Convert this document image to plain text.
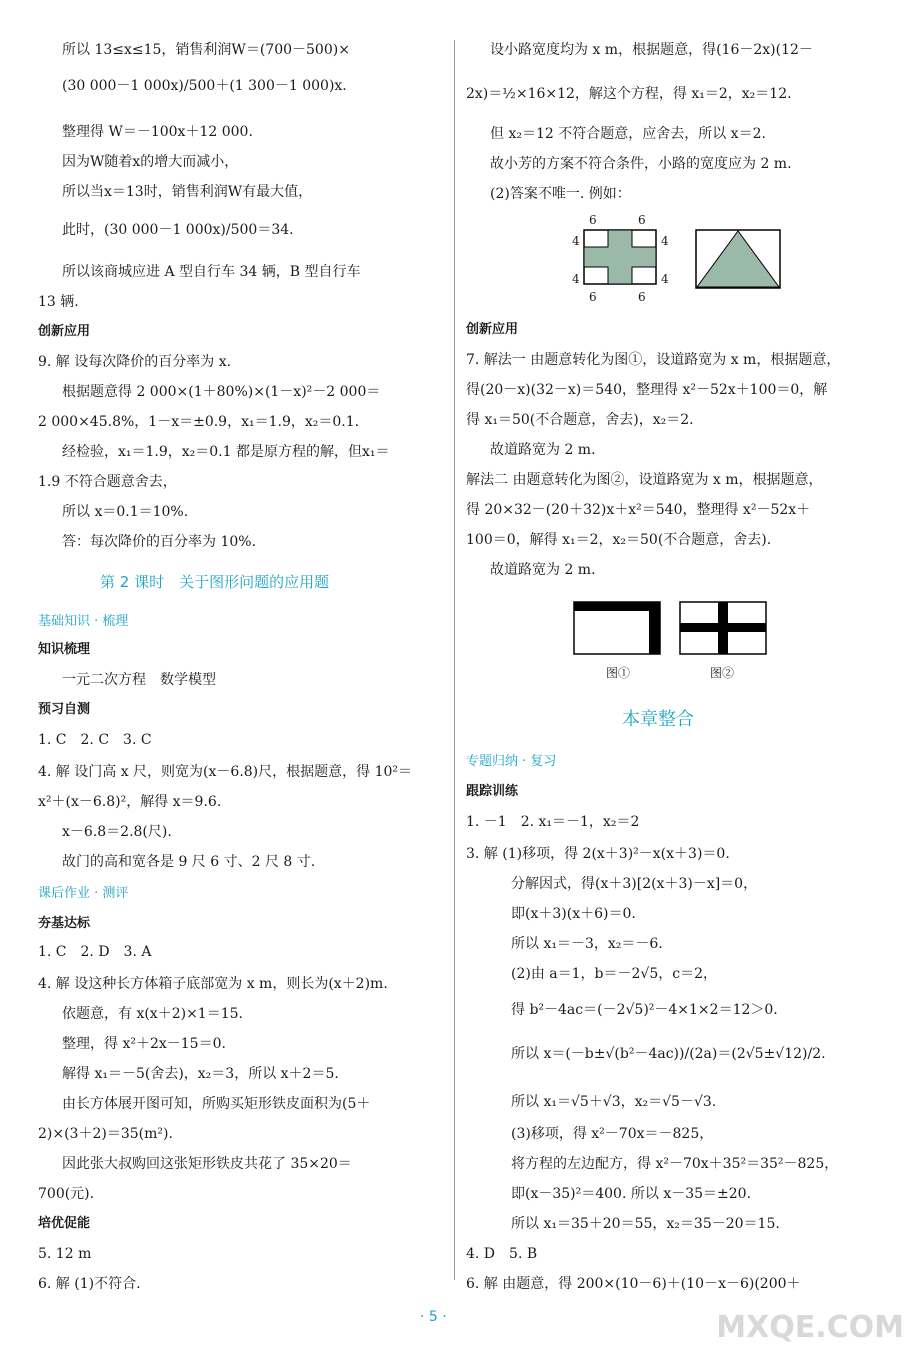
所以 13≤x≤15，销售利润W＝(700－500)×
(30 000－1 000x)/500＋(1 300－1 000)x.
整理得 W＝－100x＋12 000.
因为W随着x的增大而减小，
所以当x＝13时，销售利润W有最大值，
此时，(30 000－1 000x)/500＝34.
所以该商城应进 A 型自行车 34 辆，B 型自行车
13 辆.
创新应用
9. 解 设每次降价的百分率为 x.
根据题意得 2 000×(1＋80%)×(1－x)²－2 000＝
2 000×45.8%，1－x＝±0.9，x₁＝1.9，x₂＝0.1.
经检验，x₁＝1.9，x₂＝0.1 都是原方程的解，但x₁＝
1.9 不符合题意舍去，
所以 x＝0.1＝10%.
答：每次降价的百分率为 10%.
第 2 课时　关于图形问题的应用题
基础知识 · 梳理
知识梳理
一元二次方程　数学模型
预习自测
1. C　2. C　3. C
4. 解 设门高 x 尺，则宽为(x－6.8)尺，根据题意，得 10²＝
x²＋(x－6.8)²，解得 x＝9.6.
x－6.8＝2.8(尺).
故门的高和宽各是 9 尺 6 寸、2 尺 8 寸.
课后作业 · 测评
夯基达标
1. C　2. D　3. A
4. 解 设这种长方体箱子底部宽为 x m，则长为(x＋2)m.
依题意，有 x(x＋2)×1＝15.
整理，得 x²＋2x－15＝0.
解得 x₁＝－5(舍去)，x₂＝3，所以 x＋2＝5.
由长方体展开图可知，所购买矩形铁皮面积为(5＋
2)×(3＋2)＝35(m²).
因此张大叔购回这张矩形铁皮共花了 35×20＝
700(元).
培优促能
5. 12 m
6. 解 (1)不符合.
设小路宽度均为 x m，根据题意，得(16－2x)(12－
2x)＝½×16×12，解这个方程，得 x₁＝2，x₂＝12.
但 x₂＝12 不符合题意，应舍去，所以 x＝2.
故小芳的方案不符合条件，小路的宽度应为 2 m.
(2)答案不唯一. 例如：
6	6
4	4
4	4
6	6
创新应用
7. 解法一 由题意转化为图①，设道路宽为 x m，根据题意，
得(20－x)(32－x)＝540，整理得 x²－52x＋100＝0，解
得 x₁＝50(不合题意，舍去)，x₂＝2.
故道路宽为 2 m.
解法二 由题意转化为图②，设道路宽为 x m，根据题意，
得 20×32－(20＋32)x＋x²＝540，整理得 x²－52x＋
100＝0，解得 x₁＝2，x₂＝50(不合题意，舍去).
故道路宽为 2 m.
图①	图②
本章整合
专题归纳 · 复习
跟踪训练
1. －1　2. x₁＝－1，x₂＝2
3. 解 (1)移项，得 2(x＋3)²－x(x＋3)＝0.
分解因式，得(x＋3)[2(x＋3)－x]＝0，
即(x＋3)(x＋6)＝0.
所以 x₁＝－3，x₂＝－6.
(2)由 a＝1，b＝－2√5，c＝2，
得 b²－4ac＝(－2√5)²－4×1×2＝12＞0.
所以 x＝(－b±√(b²－4ac))/(2a)＝(2√5±√12)/2.
所以 x₁＝√5＋√3，x₂＝√5－√3.
(3)移项，得 x²－70x＝－825，
将方程的左边配方，得 x²－70x＋35²＝35²－825，
即(x－35)²＝400. 所以 x－35＝±20.
所以 x₁＝35＋20＝55，x₂＝35－20＝15.
4. D　5. B
6. 解 由题意，得 200×(10－6)＋(10－x－6)(200＋
· 5 ·	MXQE.COM
